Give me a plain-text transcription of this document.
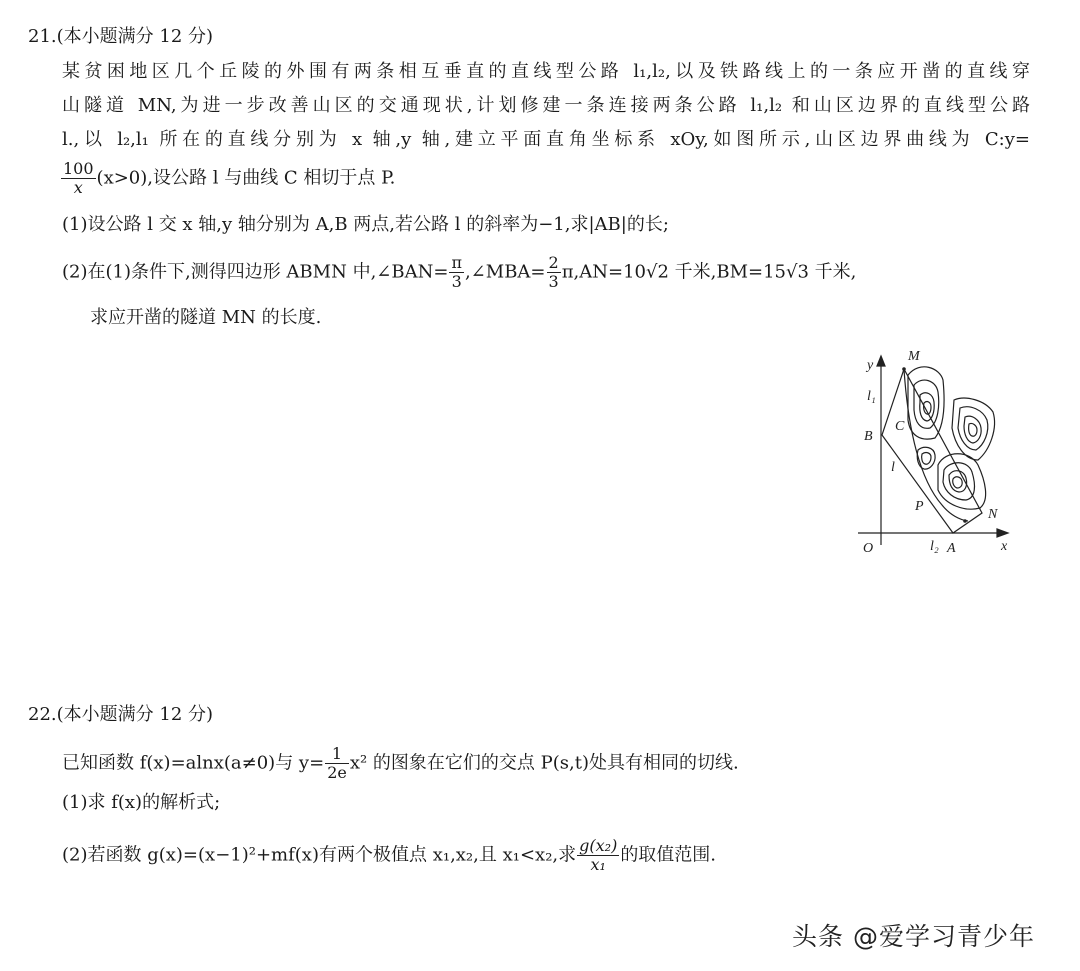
21.(本小题满分 12 分)
某贫困地区几个丘陵的外围有两条相互垂直的直线型公路 l₁,l₂,以及铁路线上的一条应开凿的直线穿
山隧道 MN,为进一步改善山区的交通现状,计划修建一条连接两条公路 l₁,l₂ 和山区边界的直线型公路
l.,以 l₂,l₁ 所在的直线分别为 x 轴,y 轴,建立平面直角坐标系 xOy,如图所示,山区边界曲线为 C:y=
$\frac{100}{x} (x>0)$,设公路 l 与曲线 C 相切于点 P.
(1)设公路 l 交 x 轴,y 轴分别为 A,B 两点,若公路 l 的斜率为−1,求|AB|的长;
(2)在(1)条件下,测得四边形 ABMN 中,∠BAN= $\frac{\pi}{3}$ ,∠MBA= $\frac{2}{3} \pi,AN=10√2$ 千米,BM=15√3 千米,
求应开凿的隧道 MN 的长度.
y
M
l₁
B
C
l
P
N
O	l₂ A	x
22.(本小题满分 12 分)
已知函数 f(x)=alnx(a≠0)与 $y= \frac{1}{2e} x^2$ 的图象在它们的交点 P(s,t)处具有相同的切线.
(1)求 f(x)的解析式;
(2)若函数 g(x)=(x−1)²+mf(x)有两个极值点 x₁,x₂,且 x₁<x₂,求 $\frac{\text{g(x₂)}}{\text{x₁}}$ 的取值范围.
头条 @爱学习青少年
